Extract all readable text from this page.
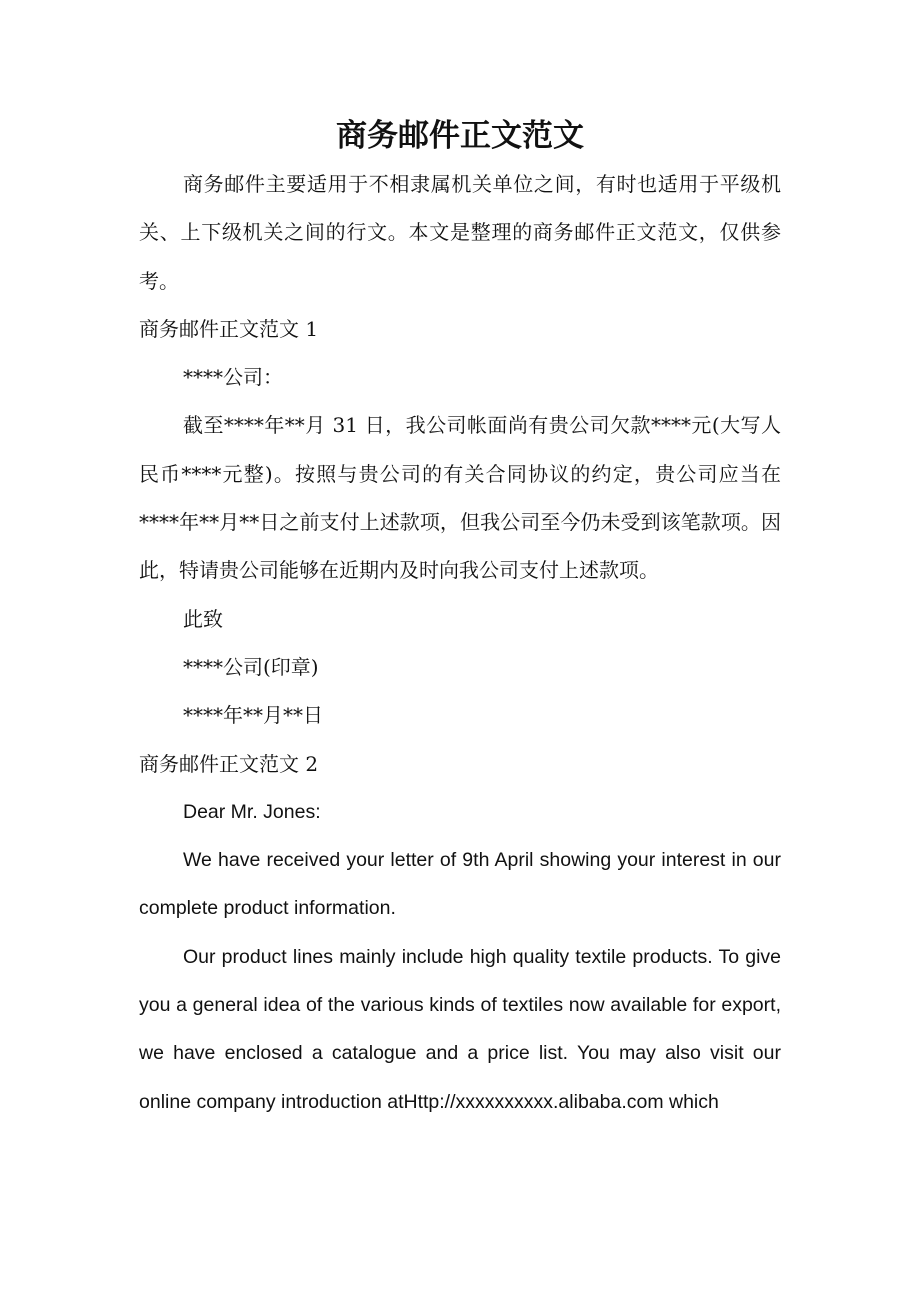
商务邮件正文范文

商务邮件主要适用于不相隶属机关单位之间，有时也适用于平级机关、上下级机关之间的行文。本文是整理的商务邮件正文范文，仅供参考。

商务邮件正文范文 1

****公司：

截至****年**月 31 日，我公司帐面尚有贵公司欠款****元(大写人民币****元整)。按照与贵公司的有关合同协议的约定，贵公司应当在****年**月**日之前支付上述款项，但我公司至今仍未受到该笔款项。因此，特请贵公司能够在近期内及时向我公司支付上述款项。

此致

****公司(印章)

****年**月**日

商务邮件正文范文 2

Dear Mr. Jones:

We have received your letter of 9th April showing your interest in our complete product information.

Our product lines mainly include high quality textile products. To give you a general idea of the various kinds of textiles now available for export, we have enclosed a catalogue and a price list. You may also visit our online company introduction atHttp://xxxxxxxxxx.alibaba.com which
